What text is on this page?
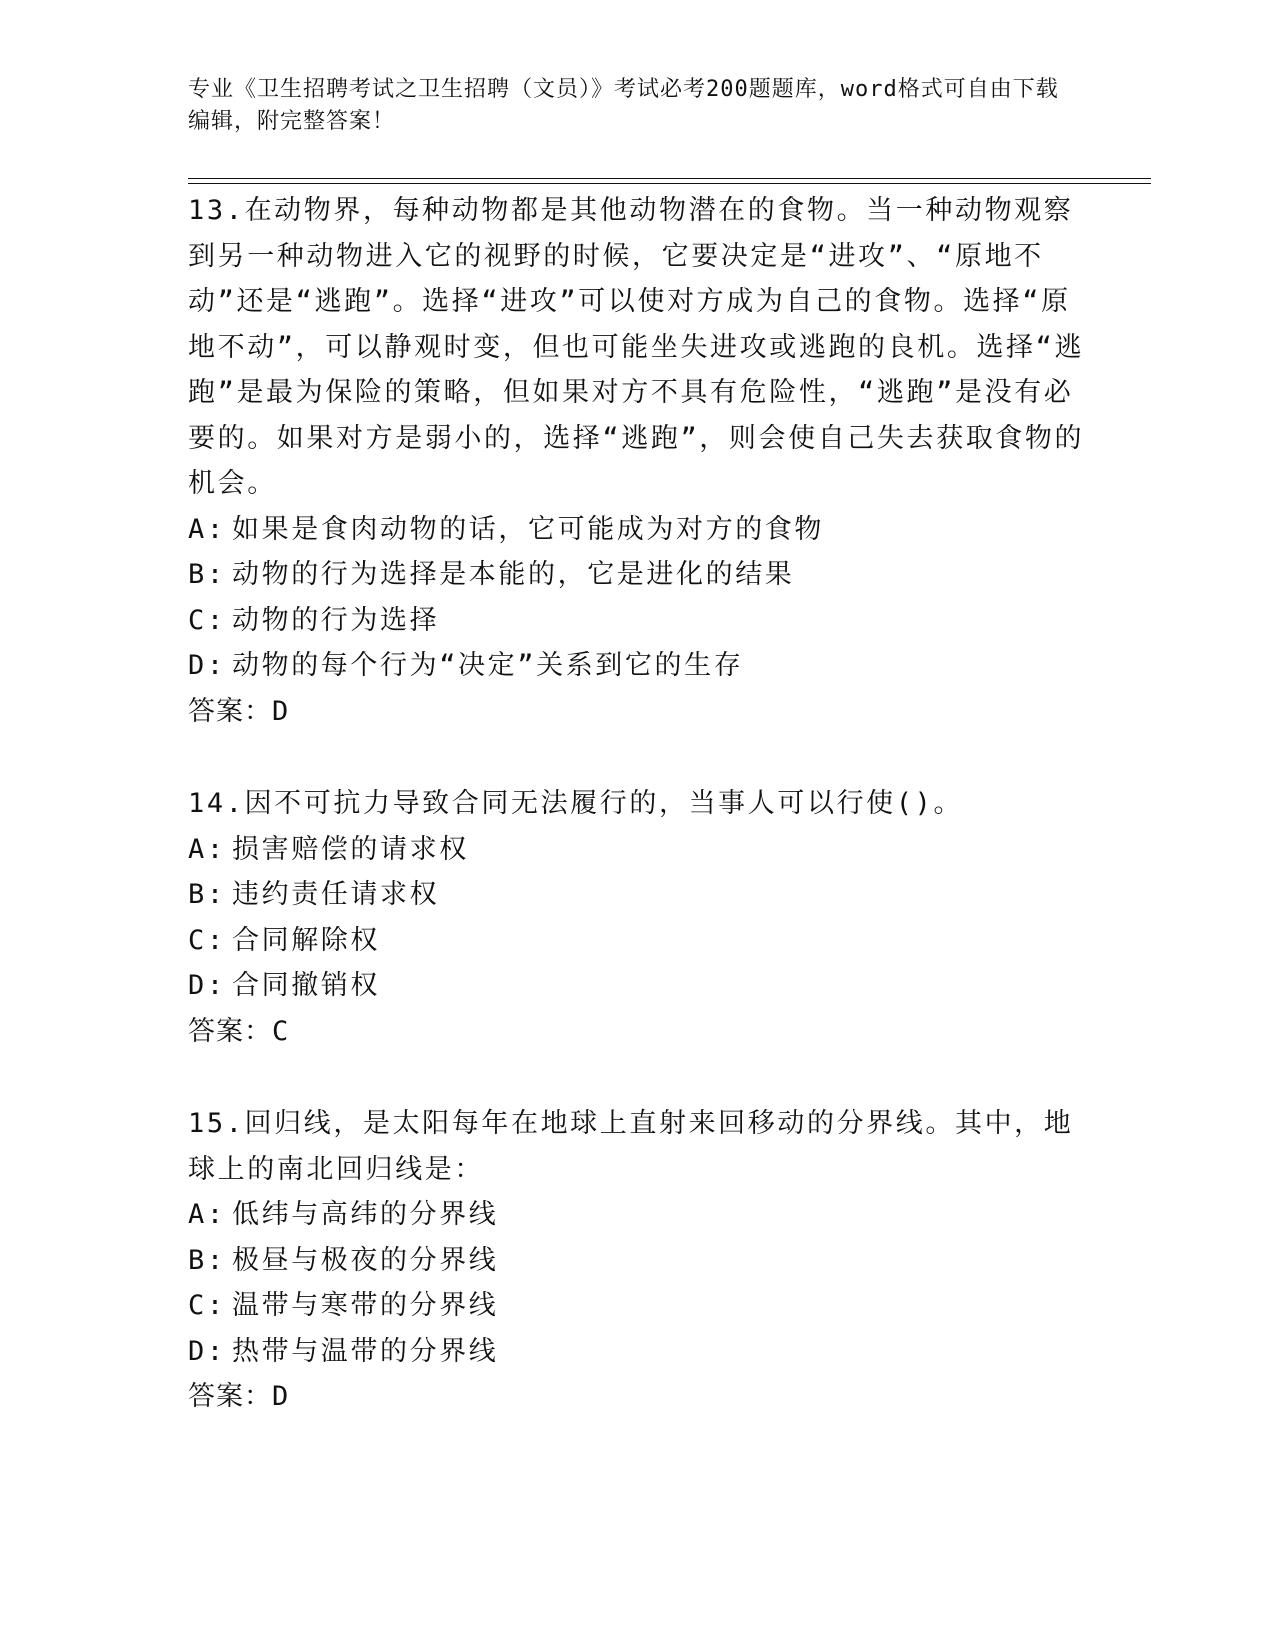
专业《卫生招聘考试之卫生招聘（文员）》考试必考200题题库，word格式可自由下载编辑，附完整答案！

13.在动物界，每种动物都是其他动物潜在的食物。当一种动物观察到另一种动物进入它的视野的时候，它要决定是“进攻”、“原地不动”还是“逃跑”。选择“进攻”可以使对方成为自己的食物。选择“原地不动”，可以静观时变，但也可能坐失进攻或逃跑的良机。选择“逃跑”是最为保险的策略，但如果对方不具有危险性，“逃跑”是没有必要的。如果对方是弱小的，选择“逃跑”，则会使自己失去获取食物的机会。

A: 如果是食肉动物的话，它可能成为对方的食物

B: 动物的行为选择是本能的，它是进化的结果

C: 动物的行为选择

D: 动物的每个行为“决定”关系到它的生存

答案：D

14.因不可抗力导致合同无法履行的，当事人可以行使()。

A: 损害赔偿的请求权

B: 违约责任请求权

C: 合同解除权

D: 合同撤销权

答案：C

15.回归线，是太阳每年在地球上直射来回移动的分界线。其中，地球上的南北回归线是：

A: 低纬与高纬的分界线

B: 极昼与极夜的分界线

C: 温带与寒带的分界线

D: 热带与温带的分界线

答案：D
